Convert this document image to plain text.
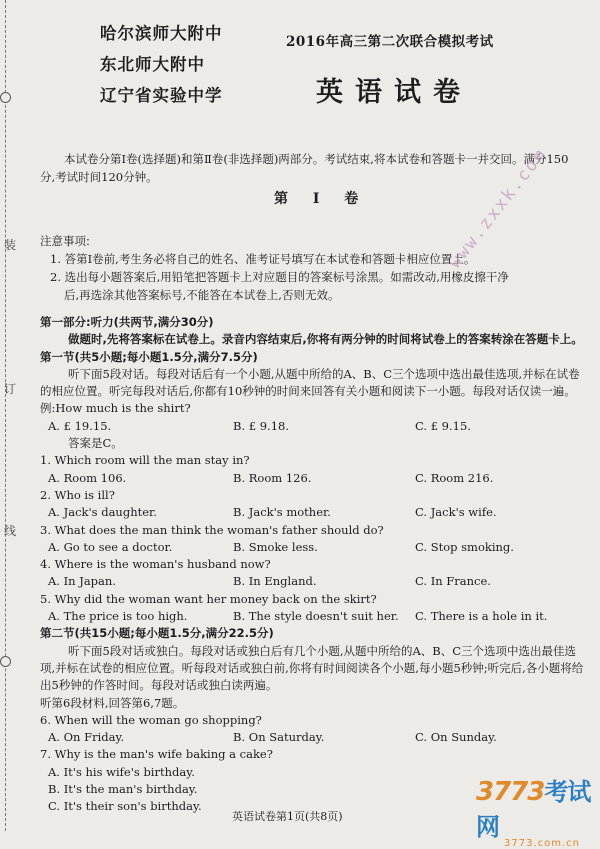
装
订
线
哈尔滨师大附中
东北师大附中
辽宁省实验中学
2016年高三第二次联合模拟考试
英语试卷
本试卷分第Ⅰ卷(选择题)和第Ⅱ卷(非选择题)两部分。考试结束,将本试卷和答题卡一并交回。满分150分,考试时间120分钟。
第 Ⅰ 卷
注意事项:
1. 答第Ⅰ卷前,考生务必将自己的姓名、准考证号填写在本试卷和答题卡相应位置上。
2. 选出每小题答案后,用铅笔把答题卡上对应题目的答案标号涂黑。如需改动,用橡皮擦干净
后,再选涂其他答案标号,不能答在本试卷上,否则无效。
第一部分:听力(共两节,满分30分)
做题时,先将答案标在试卷上。录音内容结束后,你将有两分钟的时间将试卷上的答案转涂在答题卡上。
第一节(共5小题;每小题1.5分,满分7.5分)
听下面5段对话。每段对话后有一个小题,从题中所给的A、B、C三个选项中选出最佳选项,并标在试卷的相应位置。听完每段对话后,你都有10秒钟的时间来回答有关小题和阅读下一小题。每段对话仅读一遍。
例:How much is the shirt?
A. £ 19.15.	B. £ 9.18.	C. £ 9.15.
答案是C。
1. Which room will the man stay in?
A. Room 106.	B. Room 126.	C. Room 216.
2. Who is ill?
A. Jack's daughter.	B. Jack's mother.	C. Jack's wife.
3. What does the man think the woman's father should do?
A. Go to see a doctor.	B. Smoke less.	C. Stop smoking.
4. Where is the woman's husband now?
A. In Japan.	B. In England.	C. In France.
5. Why did the woman want her money back on the skirt?
A. The price is too high.	B. The style doesn't suit her.	C. There is a hole in it.
第二节(共15小题;每小题1.5分,满分22.5分)
听下面5段对话或独白。每段对话或独白后有几个小题,从题中所给的A、B、C三个选项中选出最佳选项,并标在试卷的相应位置。听每段对话或独白前,你将有时间阅读各个小题,每小题5秒钟;听完后,各小题将给出5秒钟的作答时间。每段对话或独白读两遍。
听第6段材料,回答第6,7题。
6. When will the woman go shopping?
A. On Friday.	B. On Saturday.	C. On Sunday.
7. Why is the man's wife baking a cake?
A. It's his wife's birthday.
B. It's the man's birthday.
C. It's their son's birthday.
www.zxxk.com
3773考试网
3773.com.cn
英语试卷第1页(共8页)
